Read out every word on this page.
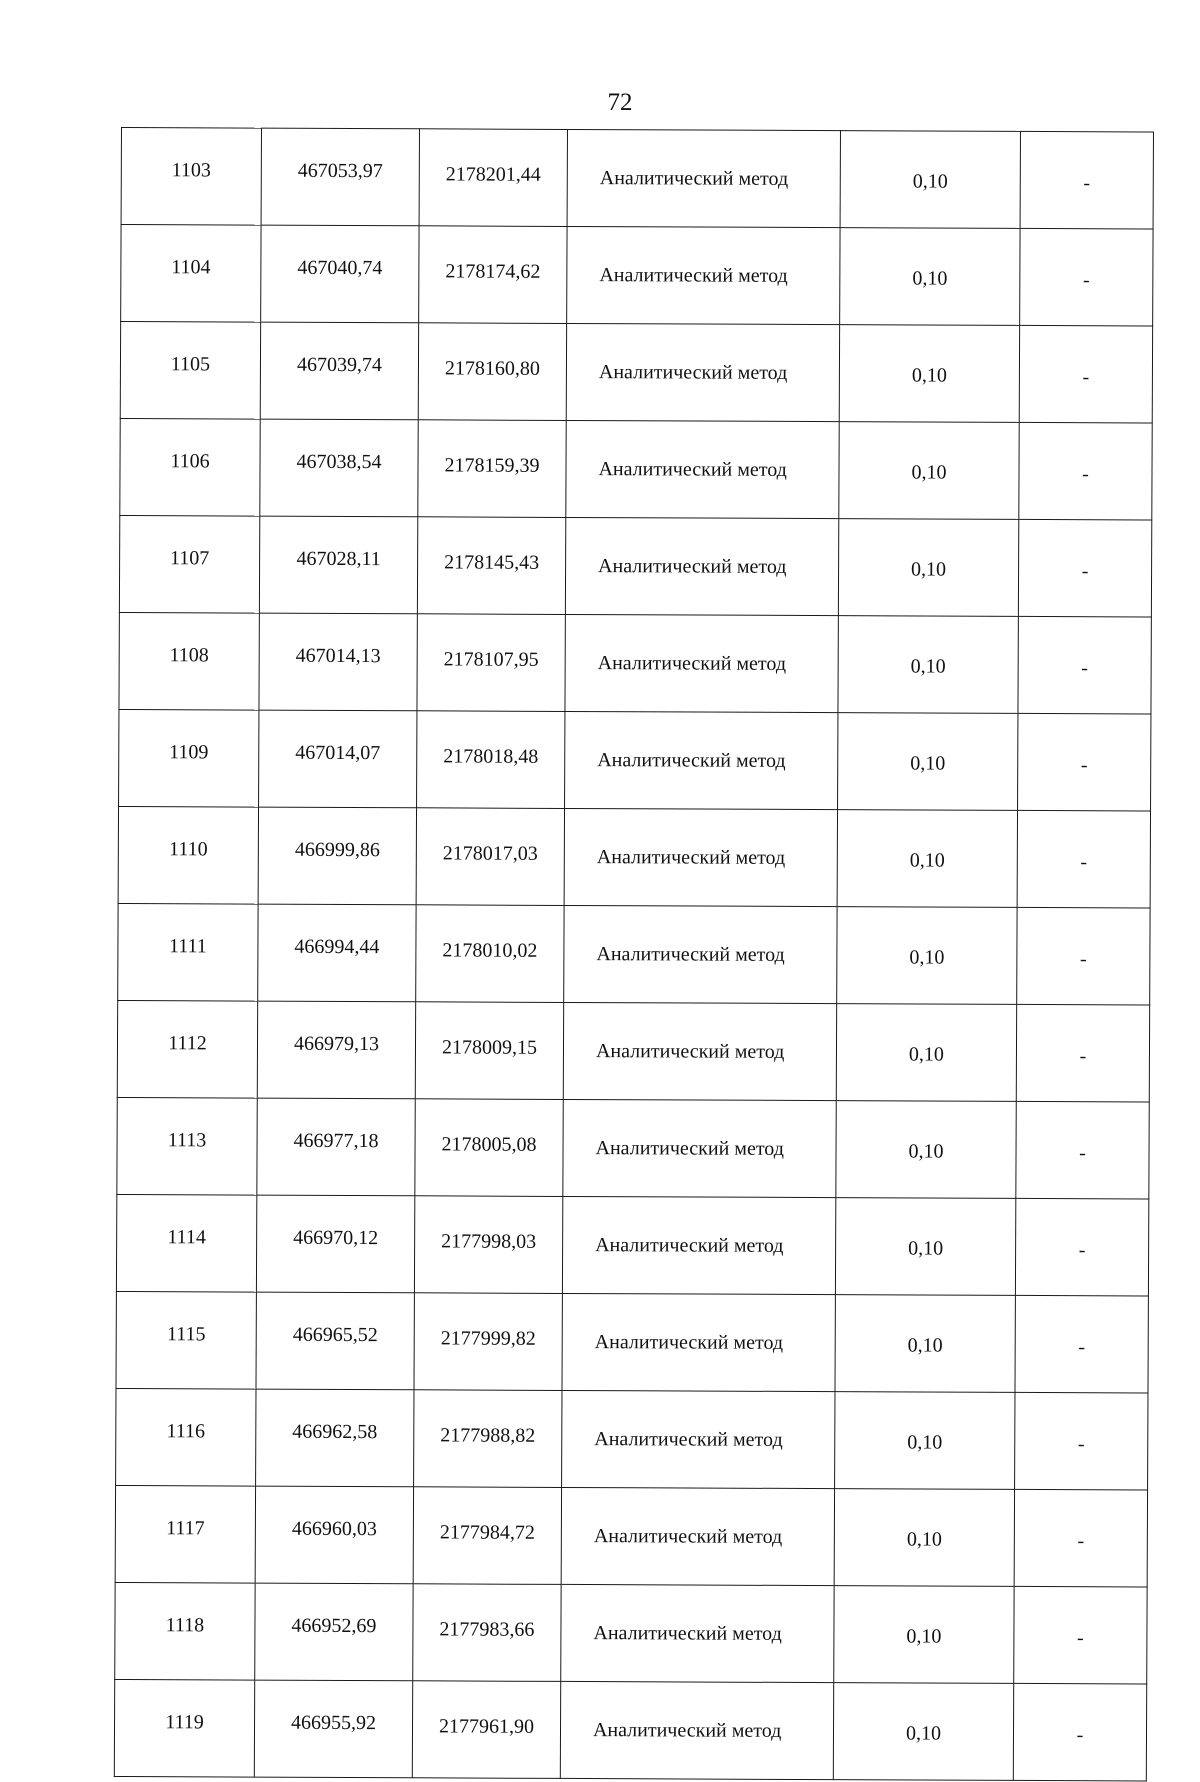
72
1103	467053,97	2178201,44	Аналитический метод	0,10	-
1104	467040,74	2178174,62	Аналитический метод	0,10	-
1105	467039,74	2178160,80	Аналитический метод	0,10	-
1106	467038,54	2178159,39	Аналитический метод	0,10	-
1107	467028,11	2178145,43	Аналитический метод	0,10	-
1108	467014,13	2178107,95	Аналитический метод	0,10	-
1109	467014,07	2178018,48	Аналитический метод	0,10	-
1110	466999,86	2178017,03	Аналитический метод	0,10	-
1111	466994,44	2178010,02	Аналитический метод	0,10	-
1112	466979,13	2178009,15	Аналитический метод	0,10	-
1113	466977,18	2178005,08	Аналитический метод	0,10	-
1114	466970,12	2177998,03	Аналитический метод	0,10	-
1115	466965,52	2177999,82	Аналитический метод	0,10	-
1116	466962,58	2177988,82	Аналитический метод	0,10	-
1117	466960,03	2177984,72	Аналитический метод	0,10	-
1118	466952,69	2177983,66	Аналитический метод	0,10	-
1119	466955,92	2177961,90	Аналитический метод	0,10	-
